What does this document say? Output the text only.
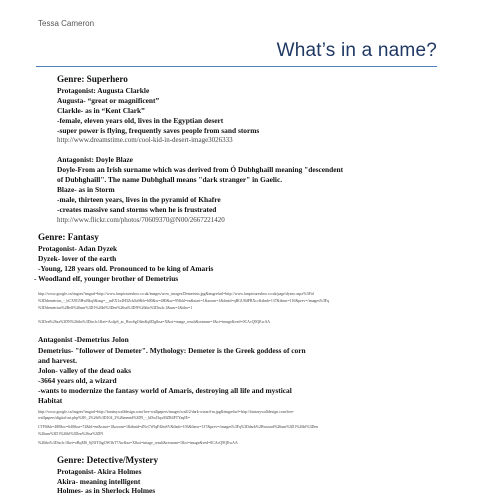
Tessa Cameron
What’s in a name?
Genre: Superhero
Protagonist: Augusta Clarkle
Augusta- “great or magnificent”
Clarkle- as in “Kent Clark”
-female, eleven years old, lives in the Egyptian desert
-super power is flying, frequently saves people from sand storms
http://www.dreamstime.com/cool-kid-in-desert-image3026333
Antagonist: Doyle Blaze
Doyle-From an Irish surname which was derived from Ó Dubhghaill meaning "descendent
of Dubhghaill". The name Dubhghall means "dark stranger" in Gaelic.
Blaze- as in Storm
-male, thirteen years, lives in the pyramid of Khafre
-creates massive sand storms when he is frustrated
http://www.flickr.com/photos/70609370@N00/2667221420
Genre: Fantasy
Protagonist- Adan Dyzek
Dyzek- lover of the earth
-Young, 128 years old. Pronounced to be king of Amaris
- Woodland elf, younger brother of Demetrius
http://www.google.ca/imgres?imgurl=http://www.fanpicturesbox.co.uk/images/wow_images/Demetrius.jpg&imgrefurl=http://www.fanpicturesbox.co.uk/page/dyzeo.aspx%3Fid
%3Ddemetrius_-_bCX9G5HwBkq3&usg=__mEX1x4H3Zck0a9&h=600&w=480&sz=95&hl=en&start=1&zoom=1&tbnid=qBGU8dFBXcc&tbnh=137&tbnw=110&prev=/images%3Fq
%3Ddemetrius%2Belf%26um%3D1%26hl%3Den%26sa%3DN%26tbs%3Disch:1&um=1&itbs=1
%3Den%26sa%3DN%26tbs%3Disch:1&ei=Ao4pS_ac_Rsw6gO4mKq0Dg&sa=X&oi=image_result&resnum=1&ct=image&ved=0CAcQ9QEwAA
Antagonist -Demetrius Jolon
Demetrius- "follower of Demeter". Mythology: Demeter is the Greek goddess of corn
and harvest.
Jolon- valley of the dead oaks
-3664 years old, a wizard
-wants to modernize the fantasy world of Amaris, destroying all life and mystical
Habitat
http://www.google.ca/imgres?imgurl=http://fantasywalldesign.com/free-wallpapers/images/wall/2/dark-wizard-m.jpg&imgrefurl=http://fantasywalldesign.com/free-
wallpapers/digital-art.php%3Fi_2%26i%3D104_2%26menid%3D9_-_bDwJ3qxMZR4FTYaqIE=
CTF6&h=480&w=640&sz=72&hl=en&start=1&zoom=1&tbnid=dNcCWlqF4JmSV&tbnh=103&tbnw=137&prev=/images%3Fq%3Ddark%2Bwizard%26um%3D1%26hl%3Den
%26um%3D1%26hl%3Den%26sa%3DN
%26tbs%3Disch:1&ei=oBqMS_6jNJT0tgOW3bT7Aw&sa=X&oi=image_result&resnum=1&ct=image&ved=0CAcQ9QEwAA
Genre: Detective/Mystery
Protagonist- Akira Holmes
Akira- meaning intelligent
Holmes- as in Sherlock Holmes
